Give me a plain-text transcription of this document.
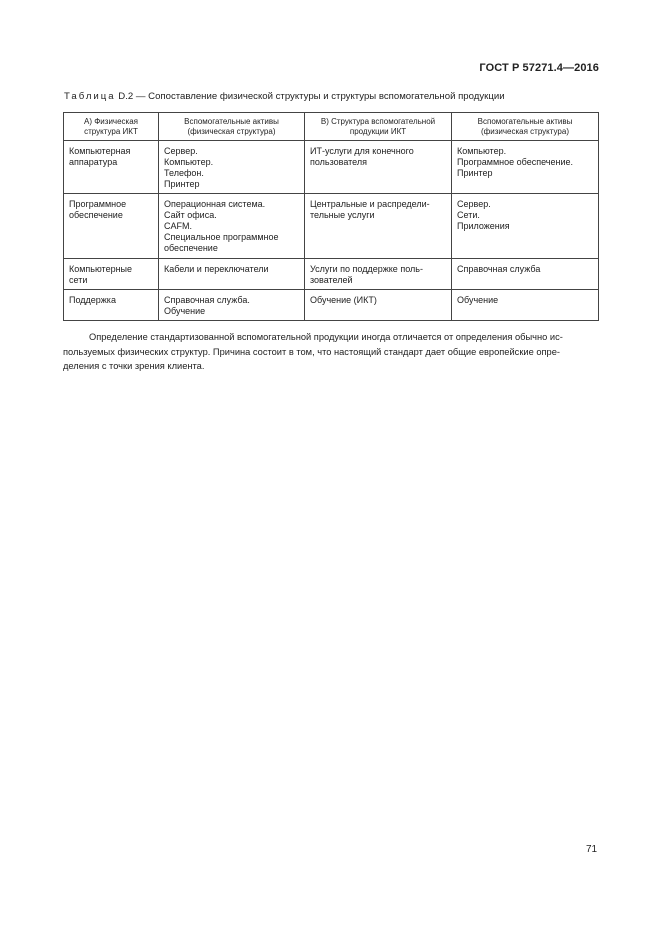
ГОСТ Р 57271.4—2016
Таблица D.2 — Сопоставление физической структуры и структуры вспомогательной продукции
А) Физическая
структура ИКТ	Вспомогательные активы
(физическая структура)	В) Структура вспомогательной
продукции ИКТ	Вспомогательные активы
(физическая структура)

Компьютерная
аппаратура	Сервер.
Компьютер.
Телефон.
Принтер	ИТ-услуги для конечного
пользователя	Компьютер.
Программное обеспечение.
Принтер

Программное
обеспечение	Операционная система.
Сайт офиса.
CAFM.
Специальное программное
обеспечение	Центральные и распредели-
тельные услуги	Сервер.
Сети.
Приложения

Компьютерные
сети	Кабели и переключатели	Услуги по поддержке поль-
зователей	Справочная служба

Поддержка	Справочная служба.
Обучение	Обучение (ИКТ)	Обучение
Определение стандартизованной вспомогательной продукции иногда отличается от определения обычно ис-
пользуемых физических структур. Причина состоит в том, что настоящий стандарт дает общие европейские опре-
деления с точки зрения клиента.
71
